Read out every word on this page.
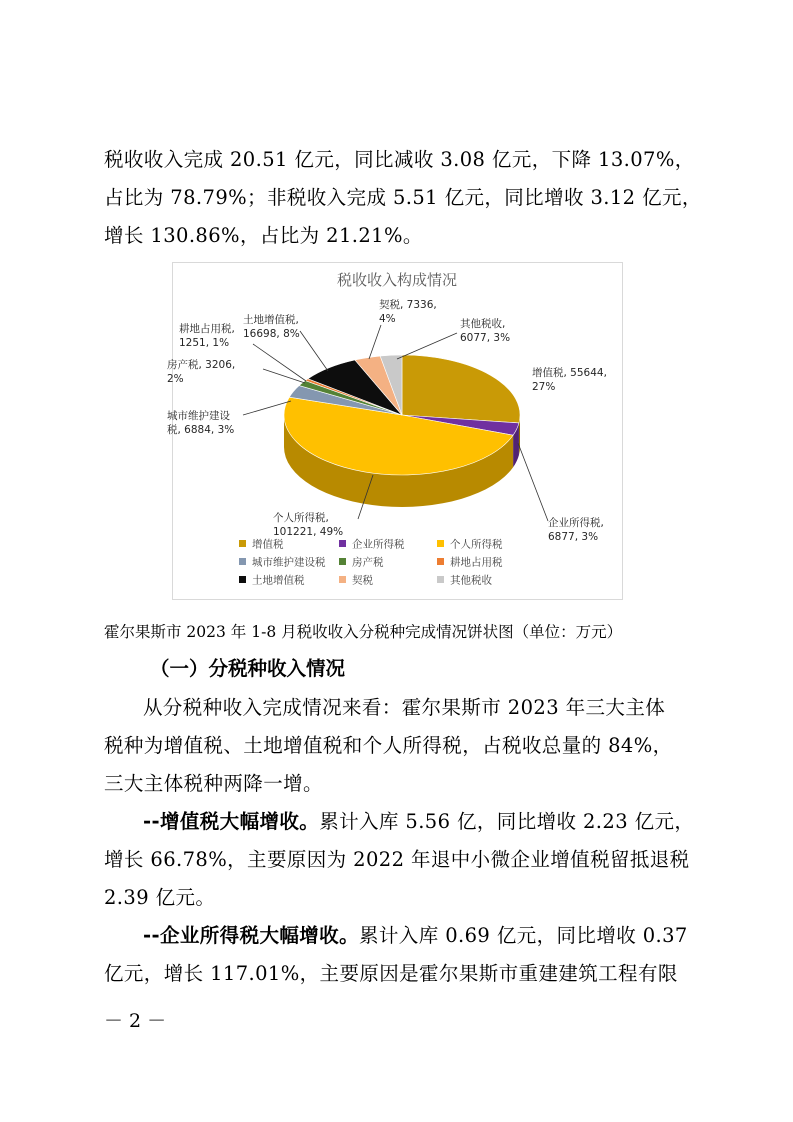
税收收入完成 20.51 亿元，同比减收 3.08 亿元，下降 13.07%，

占比为 78.79%；非税收入完成 5.51 亿元，同比增收 3.12 亿元，

增长 130.86%，占比为 21.21%。

税收收入构成情况
增值税, 55644,
27%
企业所得税,
6877, 3%
个人所得税,
101221, 49%
城市维护建设
税, 6884, 3%
房产税, 3206,
2%
耕地占用税,
1251, 1%
土地增值税,
16698, 8%
契税, 7336,
4%	其他税收,
6077, 3%
增值税	企业所得税	个人所得税
城市维护建设税	房产税	耕地占用税
土地增值税	契税	其他税收
霍尔果斯市 2023 年 1-8 月税收收入分税种完成情况饼状图（单位：万元）
（一）分税种收入情况

从分税种收入完成情况来看：霍尔果斯市 2023 年三大主体

税种为增值税、土地增值税和个人所得税，占税收总量的 84%，

三大主体税种两降一增。

--增值税大幅增收。累计入库 5.56 亿，同比增收 2.23 亿元，

增长 66.78%，主要原因为 2022 年退中小微企业增值税留抵退税

2.39 亿元。

--企业所得税大幅增收。累计入库 0.69 亿元，同比增收 0.37

亿元，增长 117.01%，主要原因是霍尔果斯市重建建筑工程有限

－ 2 －
